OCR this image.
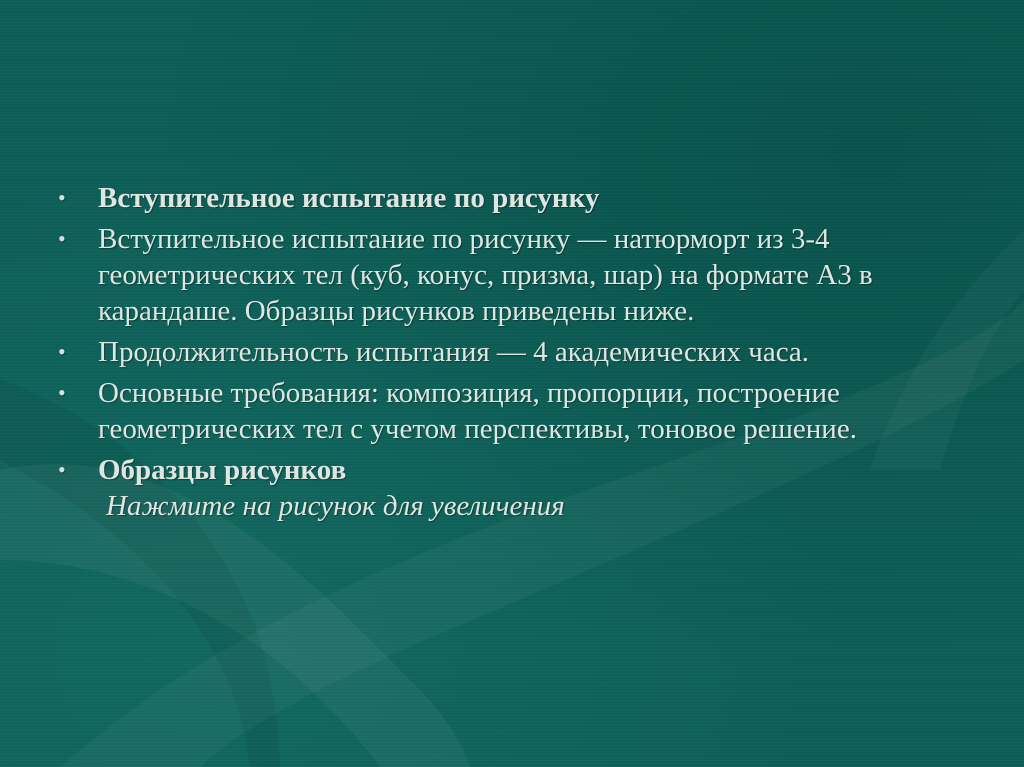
• Вступительное испытание по рисунку
• Вступительное испытание по рисунку — натюрморт из 3-4 геометрических тел (куб, конус, призма, шар) на формате А3 в карандаше. Образцы рисунков приведены ниже.
• Продолжительность испытания — 4 академических часа.
• Основные требования: композиция, пропорции, построение геометрических тел с учетом перспективы, тоновое решение.
• Образцы рисунков
Нажмите на рисунок для увеличения
